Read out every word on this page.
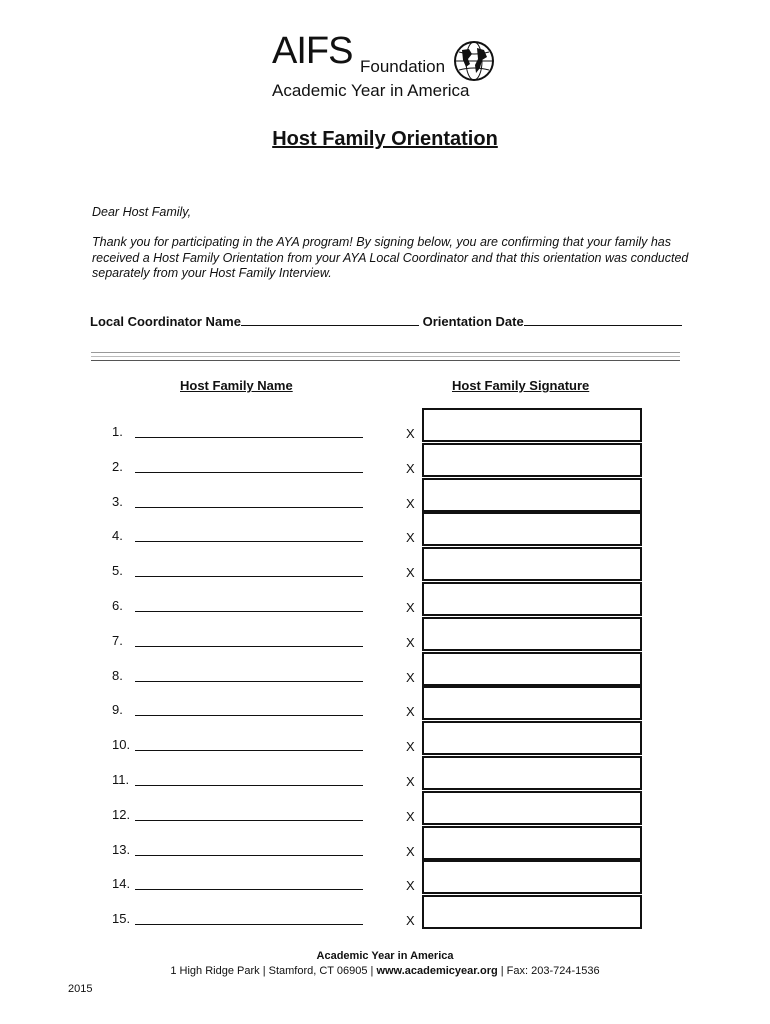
AIFS Foundation
Academic Year in America
Host Family Orientation
Dear Host Family,
Thank you for participating in the AYA program! By signing below, you are confirming that your family has received a Host Family Orientation from your AYA Local Coordinator and that this orientation was conducted separately from your Host Family Interview.
Local Coordinator Name	Orientation Date
Host Family Name	Host Family Signature
1.	X
2.	X
3.	X
4.	X
5.	X
6.	X
7.	X
8.	X
9.	X
10.	X
11.	X
12.	X
13.	X
14.	X
15.	X
Academic Year in America
1 High Ridge Park | Stamford, CT 06905 | www.academicyear.org | Fax: 203-724-1536
2015
